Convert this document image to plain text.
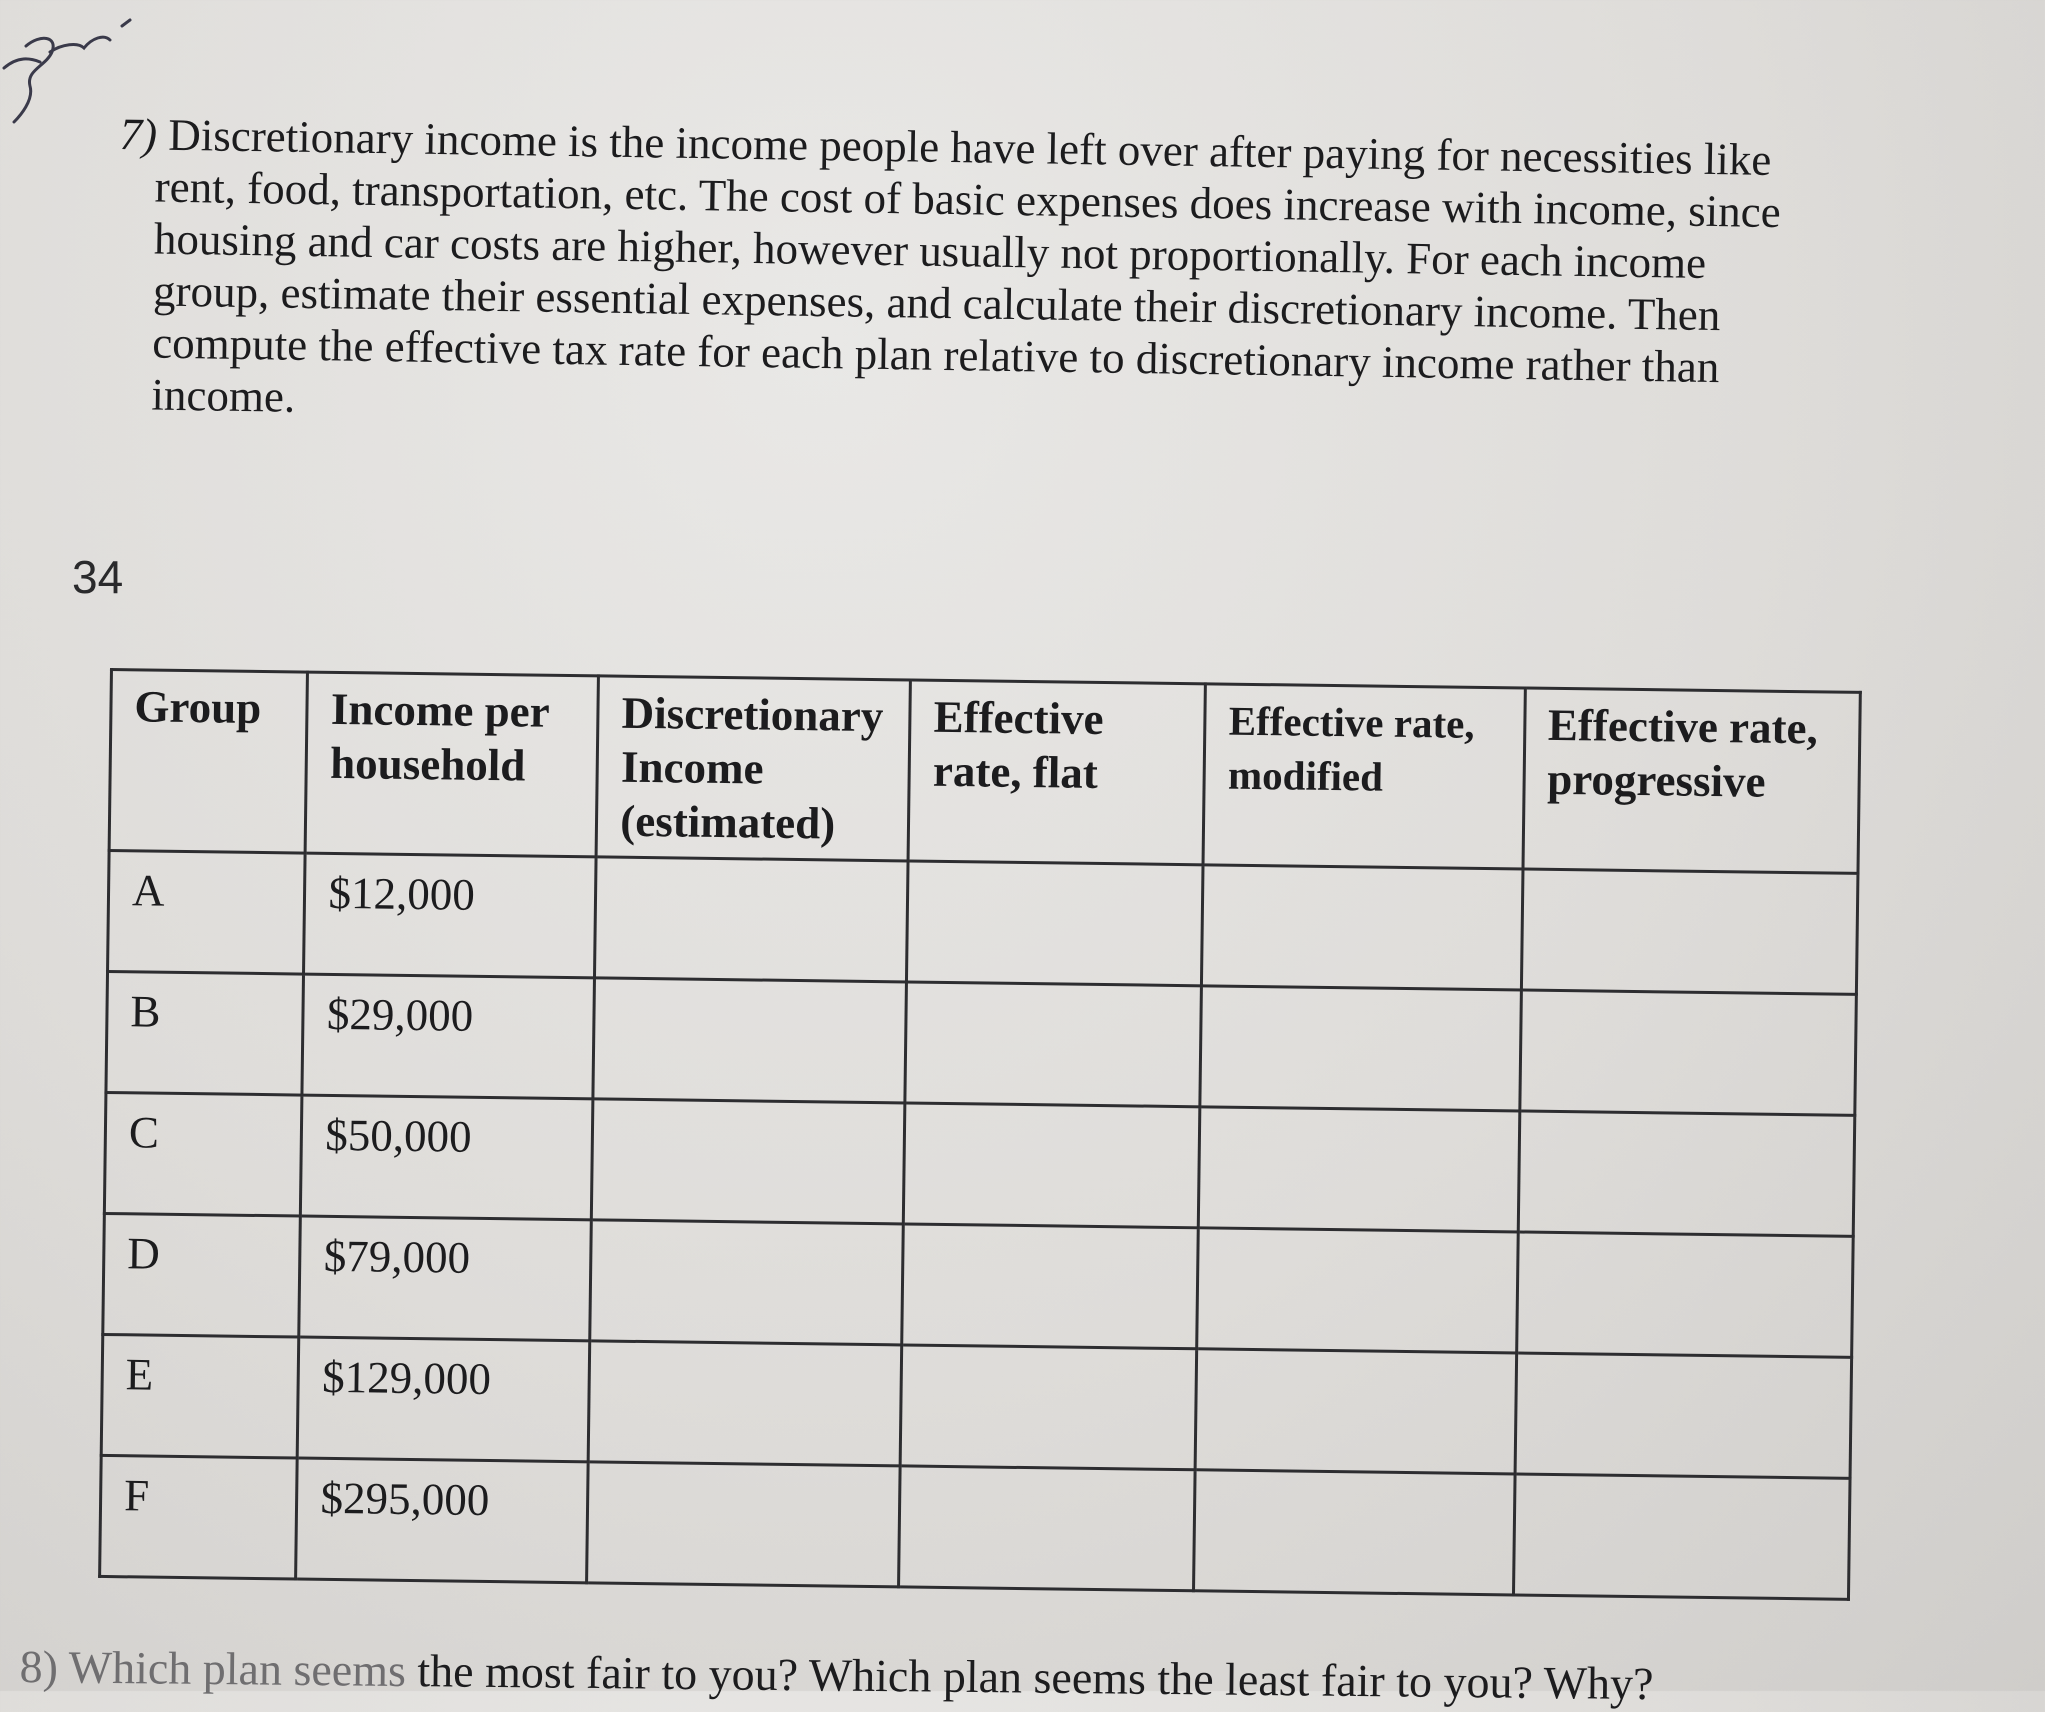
7) Discretionary income is the income people have left over after paying for necessities like rent, food, transportation, etc. The cost of basic expenses does increase with income, since housing and car costs are higher, however usually not proportionally. For each income group, estimate their essential expenses, and calculate their discretionary income. Then compute the effective tax rate for each plan relative to discretionary income rather than income.

34
Group	Income per household	Discretionary Income (estimated)	Effective rate, flat	Effective rate, modified	Effective rate, progressive
A	$12,000				
B	$29,000				
C	$50,000				
D	$79,000				
E	$129,000				
F	$295,000				
8) Which plan seems the most fair to you? Which plan seems the least fair to you? Why?
